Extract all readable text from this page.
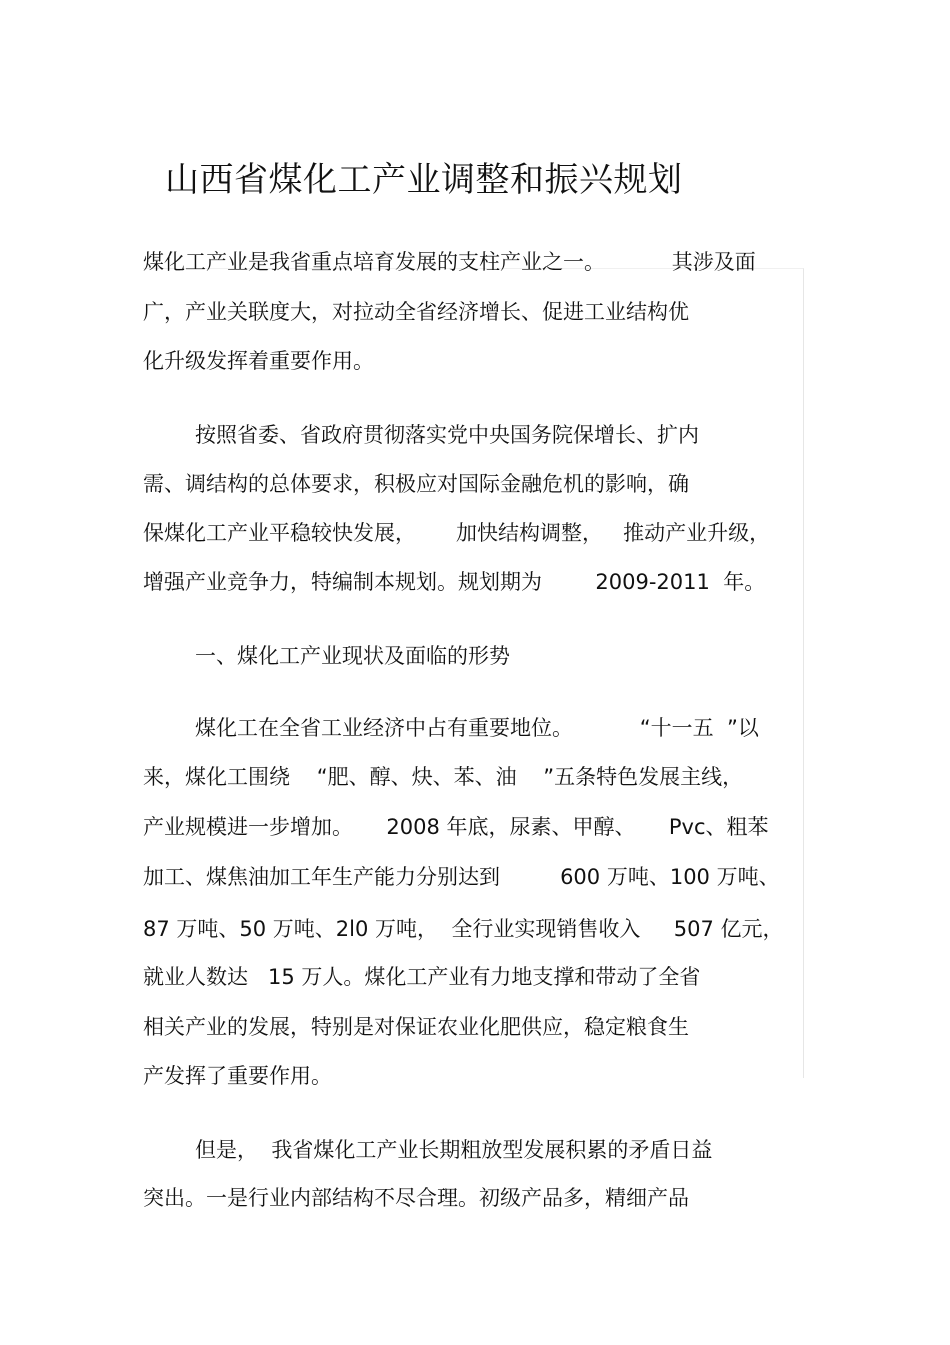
山西省煤化工产业调整和振兴规划

煤化工产业是我省重点培育发展的支柱产业之一。          其涉及面

广，产业关联度大，对拉动全省经济增长、促进工业结构优

化升级发挥着重要作用。

按照省委、省政府贯彻落实党中央国务院保增长、扩内

需、调结构的总体要求，积极应对国际金融危机的影响，确

保煤化工产业平稳较快发展，      加快结构调整，   推动产业升级，

增强产业竞争力，特编制本规划。规划期为        2009-2011  年。

一、煤化工产业现状及面临的形势

煤化工在全省工业经济中占有重要地位。          “十一五  ”以

来，煤化工围绕    “肥、醇、炔、苯、油    ”五条特色发展主线，

产业规模进一步增加。     2008 年底，尿素、甲醇、     Pvc、粗苯

加工、煤焦油加工年生产能力分别达到         600 万吨、100 万吨、

87 万吨、50 万吨、2l0 万吨，  全行业实现销售收入     507 亿元，

就业人数达   15 万人。煤化工产业有力地支撑和带动了全省

相关产业的发展，特别是对保证农业化肥供应，稳定粮食生

产发挥了重要作用。

但是，  我省煤化工产业长期粗放型发展积累的矛盾日益

突出。一是行业内部结构不尽合理。初级产品多，精细产品
